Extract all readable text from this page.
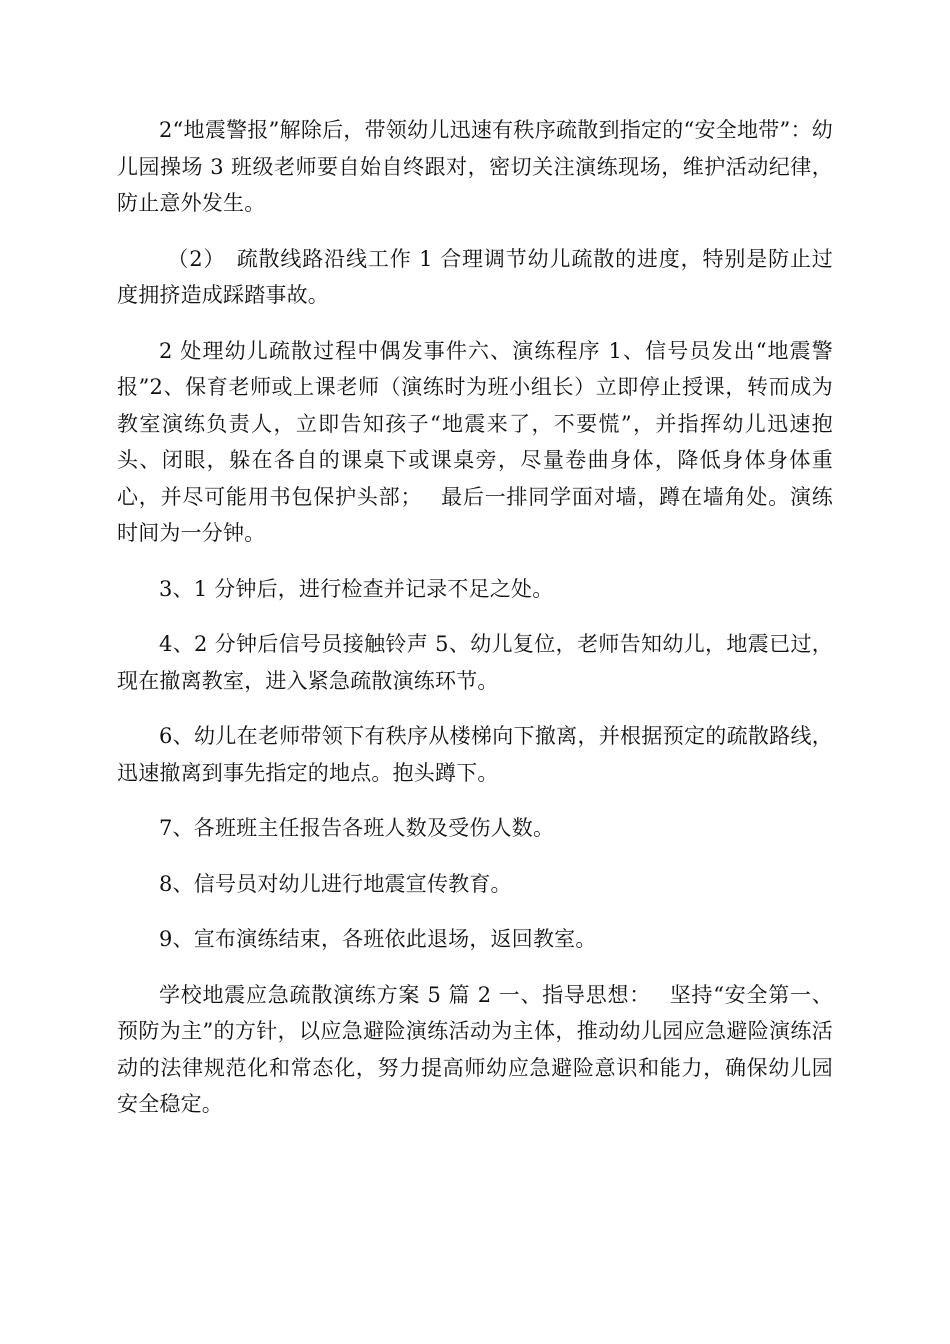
2“地震警报”解除后，带领幼儿迅速有秩序疏散到指定的“安全地带”：幼儿园操场 3 班级老师要自始自终跟对，密切关注演练现场，维护活动纪律，防止意外发生。

（2）　疏散线路沿线工作 1 合理调节幼儿疏散的进度，特别是防止过度拥挤造成踩踏事故。

2 处理幼儿疏散过程中偶发事件六、演练程序 1、信号员发出“地震警报”2、保育老师或上课老师（演练时为班小组长）立即停止授课，转而成为教室演练负责人，立即告知孩子“地震来了，不要慌”，并指挥幼儿迅速抱头、闭眼，躲在各自的课桌下或课桌旁，尽量卷曲身体，降低身体身体重心，并尽可能用书包保护头部；　 最后一排同学面对墙，蹲在墙角处。演练时间为一分钟。

3、1 分钟后，进行检查并记录不足之处。

4、2 分钟后信号员接触铃声 5、幼儿复位，老师告知幼儿，地震已过，现在撤离教室，进入紧急疏散演练环节。

6、幼儿在老师带领下有秩序从楼梯向下撤离，并根据预定的疏散路线，迅速撤离到事先指定的地点。抱头蹲下。

7、各班班主任报告各班人数及受伤人数。

8、信号员对幼儿进行地震宣传教育。

9、宣布演练结束，各班依此退场，返回教室。

学校地震应急疏散演练方案 5 篇 2 一、指导思想：　 坚持“安全第一、预防为主”的方针，以应急避险演练活动为主体，推动幼儿园应急避险演练活动的法律规范化和常态化，努力提高师幼应急避险意识和能力，确保幼儿园安全稳定。
